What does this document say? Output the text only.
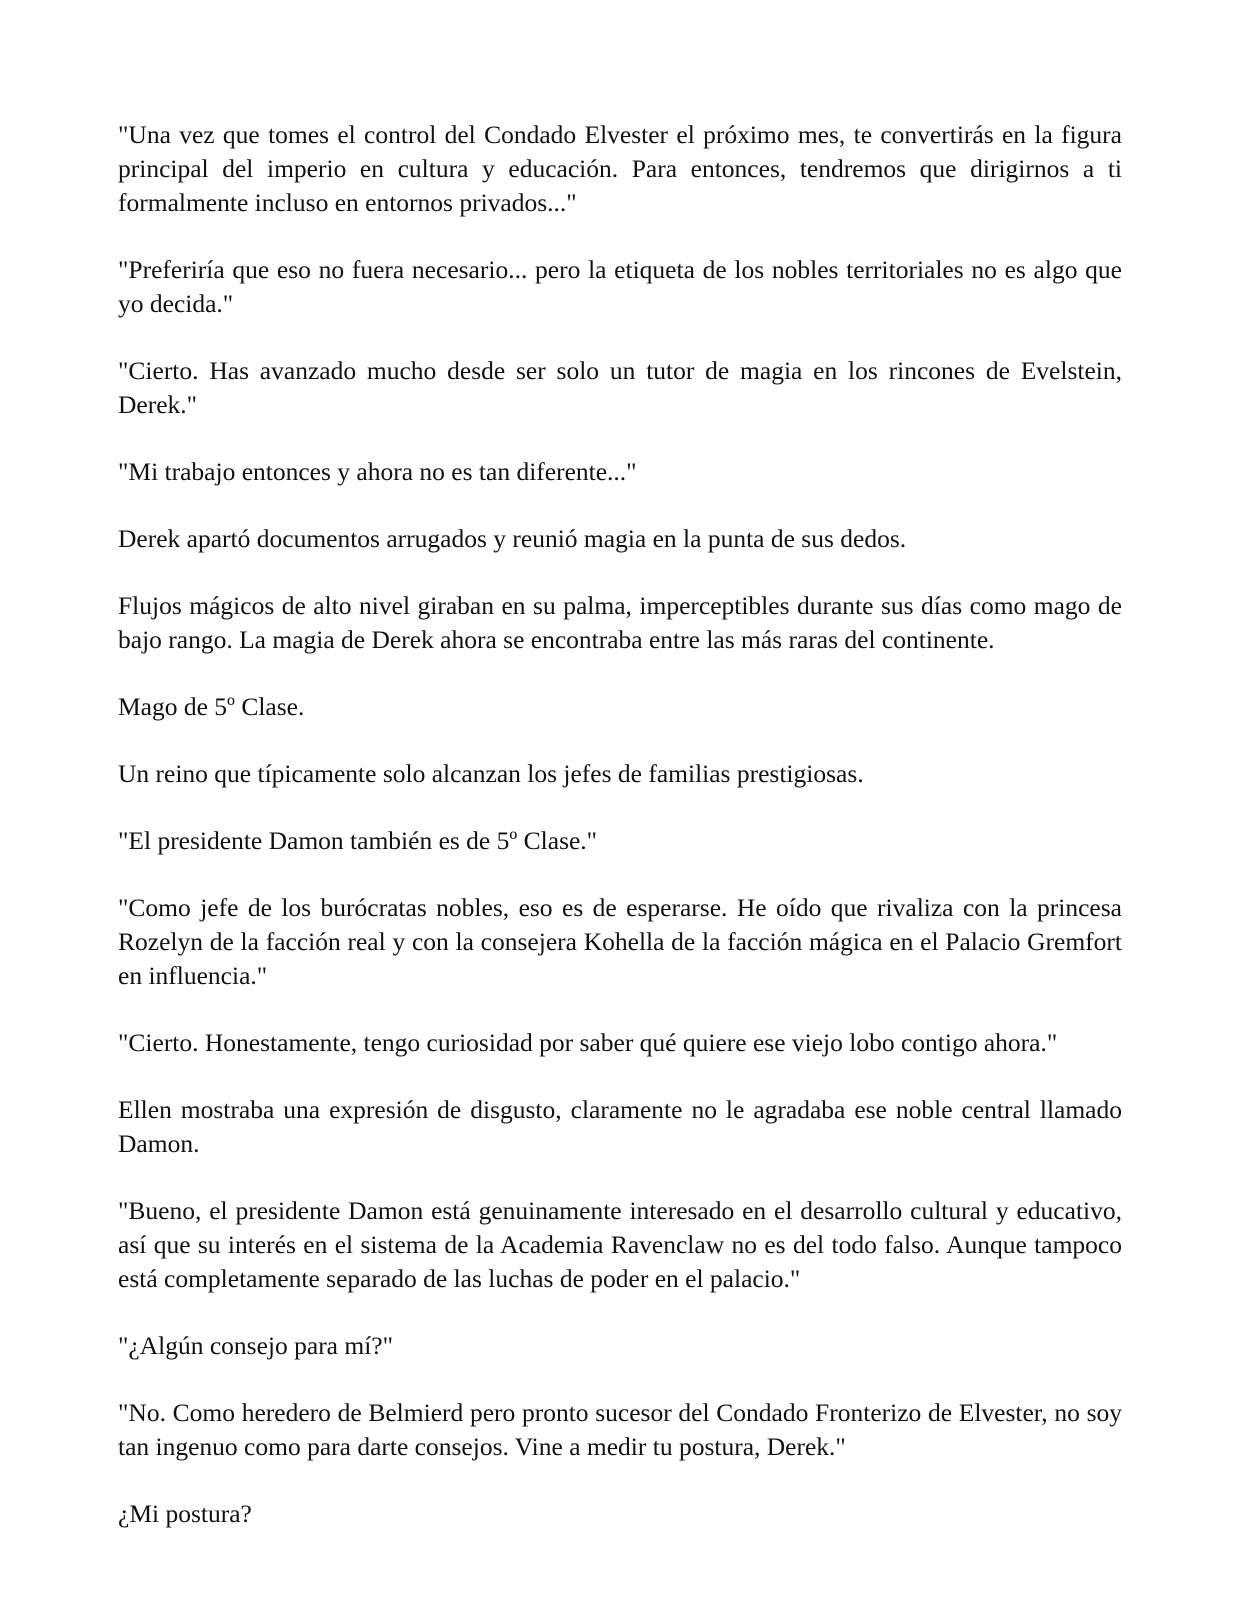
"Una vez que tomes el control del Condado Elvester el próximo mes, te convertirás en la figura principal del imperio en cultura y educación. Para entonces, tendremos que dirigirnos a ti formalmente incluso en entornos privados..."

"Preferiría que eso no fuera necesario... pero la etiqueta de los nobles territoriales no es algo que yo decida."

"Cierto. Has avanzado mucho desde ser solo un tutor de magia en los rincones de Evelstein, Derek."

"Mi trabajo entonces y ahora no es tan diferente..."

Derek apartó documentos arrugados y reunió magia en la punta de sus dedos.

Flujos mágicos de alto nivel giraban en su palma, imperceptibles durante sus días como mago de bajo rango. La magia de Derek ahora se encontraba entre las más raras del continente.

Mago de 5º Clase.

Un reino que típicamente solo alcanzan los jefes de familias prestigiosas.

"El presidente Damon también es de 5º Clase."

"Como jefe de los burócratas nobles, eso es de esperarse. He oído que rivaliza con la princesa Rozelyn de la facción real y con la consejera Kohella de la facción mágica en el Palacio Gremfort en influencia."

"Cierto. Honestamente, tengo curiosidad por saber qué quiere ese viejo lobo contigo ahora."

Ellen mostraba una expresión de disgusto, claramente no le agradaba ese noble central llamado Damon.

"Bueno, el presidente Damon está genuinamente interesado en el desarrollo cultural y educativo, así que su interés en el sistema de la Academia Ravenclaw no es del todo falso. Aunque tampoco está completamente separado de las luchas de poder en el palacio."

"¿Algún consejo para mí?"

"No. Como heredero de Belmierd pero pronto sucesor del Condado Fronterizo de Elvester, no soy tan ingenuo como para darte consejos. Vine a medir tu postura, Derek."

¿Mi postura?
